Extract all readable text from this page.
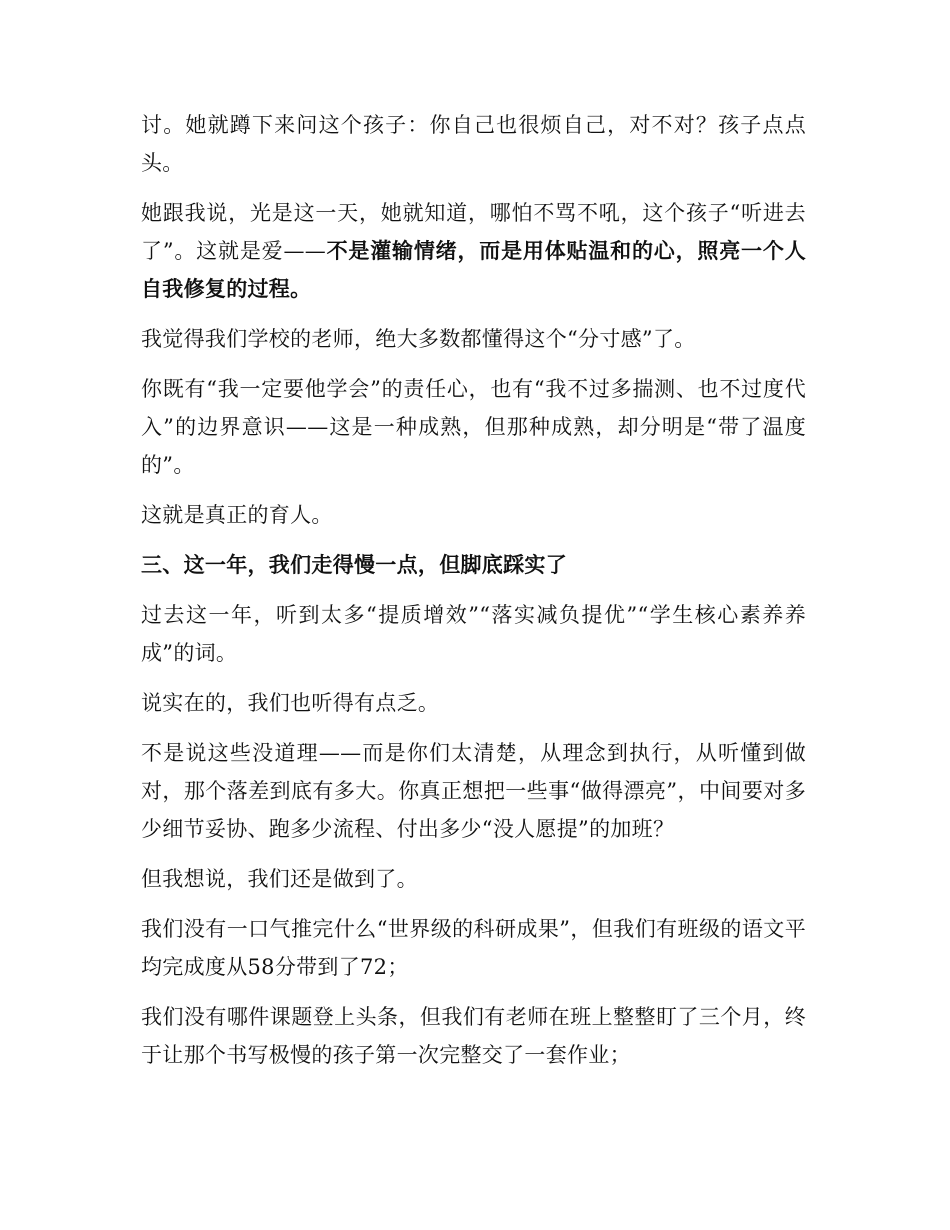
讨。她就蹲下来问这个孩子：你自己也很烦自己，对不对？孩子点点头。

她跟我说，光是这一天，她就知道，哪怕不骂不吼，这个孩子“听进去了”。这就是爱——不是灌输情绪，而是用体贴温和的心，照亮一个人自我修复的过程。

我觉得我们学校的老师，绝大多数都懂得这个“分寸感”了。

你既有“我一定要他学会”的责任心，也有“我不过多揣测、也不过度代入”的边界意识——这是一种成熟，但那种成熟，却分明是“带了温度的”。

这就是真正的育人。

三、这一年，我们走得慢一点，但脚底踩实了

过去这一年，听到太多“提质增效”“落实减负提优”“学生核心素养养成”的词。

说实在的，我们也听得有点乏。

不是说这些没道理——而是你们太清楚，从理念到执行，从听懂到做对，那个落差到底有多大。你真正想把一些事“做得漂亮”，中间要对多少细节妥协、跑多少流程、付出多少“没人愿提”的加班？

但我想说，我们还是做到了。

我们没有一口气推完什么“世界级的科研成果”，但我们有班级的语文平均完成度从58分带到了72；

我们没有哪件课题登上头条，但我们有老师在班上整整盯了三个月，终于让那个书写极慢的孩子第一次完整交了一套作业；
